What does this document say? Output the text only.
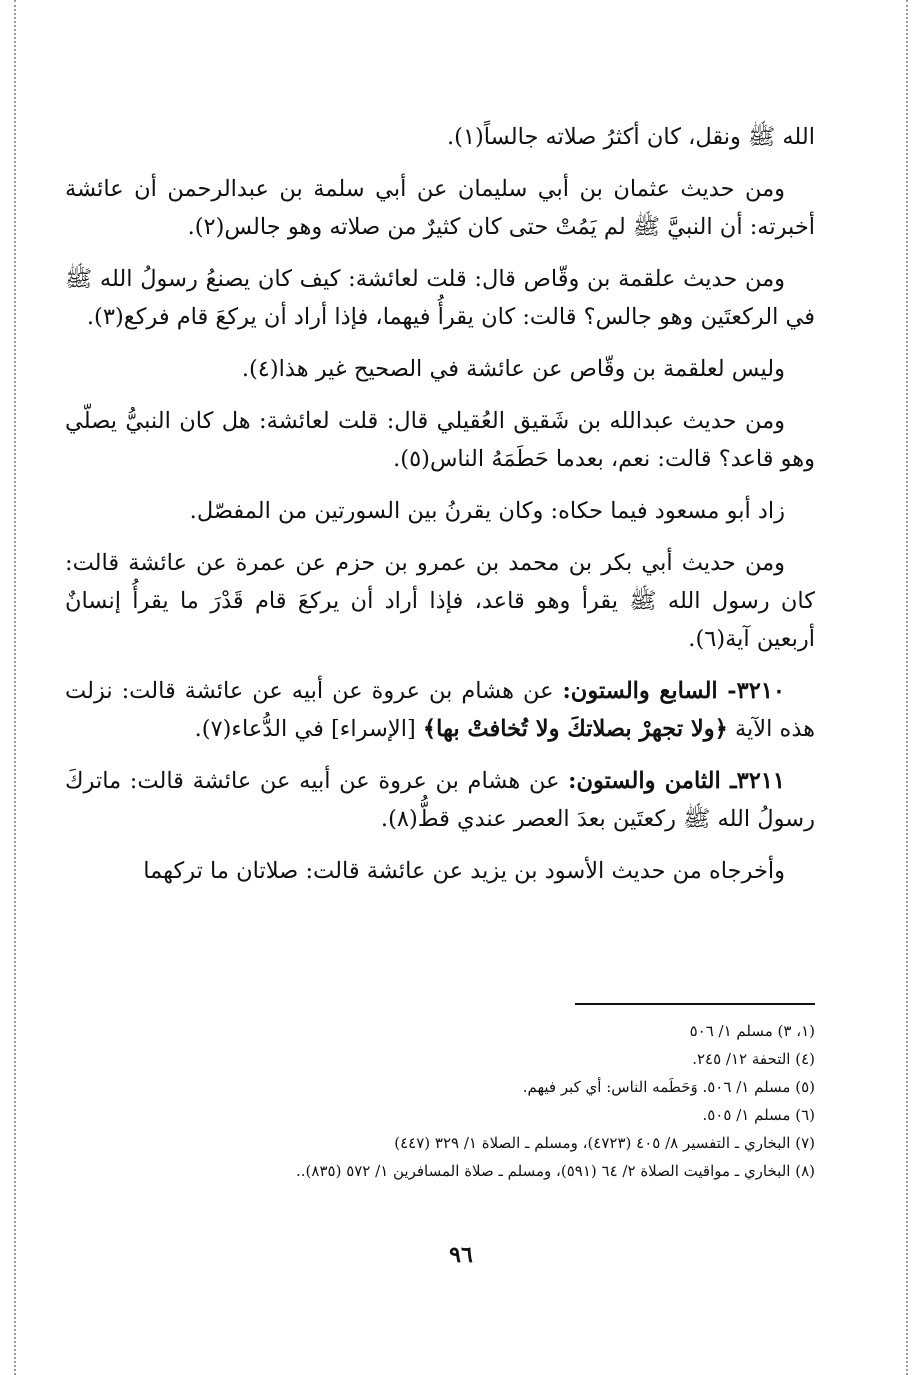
الله ﷺ ونقل، كان أكثرُ صلاته جالساً(١).

ومن حديث عثمان بن أبي سليمان عن أبي سلمة بن عبدالرحمن أن عائشة أخبرته: أن النبيَّ ﷺ لم يَمُتْ حتى كان كثيرٌ من صلاته وهو جالس(٢).

ومن حديث علقمة بن وقّاص قال: قلت لعائشة: كيف كان يصنعُ رسولُ الله ﷺ في الركعتَين وهو جالس؟ قالت: كان يقرأُ فيهما، فإذا أراد أن يركعَ قام فركع(٣).

وليس لعلقمة بن وقّاص عن عائشة في الصحيح غير هذا(٤).

ومن حديث عبدالله بن شَقيق العُقيلي قال: قلت لعائشة: هل كان النبيُّ يصلّي وهو قاعد؟ قالت: نعم، بعدما حَطَمَهُ الناس(٥).

زاد أبو مسعود فيما حكاه: وكان يقرنُ بين السورتين من المفصّل.

ومن حديث أبي بكر بن محمد بن عمرو بن حزم عن عمرة عن عائشة قالت: كان رسول الله ﷺ يقرأ وهو قاعد، فإذا أراد أن يركعَ قام قَدْرَ ما يقرأُ إنسانٌ أربعين آية(٦).

٣٢١٠- السابع والستون: عن هشام بن عروة عن أبيه عن عائشة قالت: نزلت هذه الآية ﴿ولا تجهرْ بصلاتكَ ولا تُخافتْ بها﴾ [الإسراء] في الدُّعاء(٧).

٣٢١١ـ الثامن والستون: عن هشام بن عروة عن أبيه عن عائشة قالت: ماتركَ رسولُ الله ﷺ ركعتَين بعدَ العصر عندي قطُّ(٨).

وأخرجاه من حديث الأسود بن يزيد عن عائشة قالت: صلاتان ما تركهما

(١، ٣) مسلم ١/ ٥٠٦

(٤) التحفة ١٢/ ٢٤٥.

(٥) مسلم ١/ ٥٠٦. وَحَطَمه الناس: أي كبر فيهم.

(٦) مسلم ١/ ٥٠٥.

(٧) البخاري ـ التفسير ٨/ ٤٠٥ (٤٧٢٣)، ومسلم ـ الصلاة ١/ ٣٢٩ (٤٤٧)

(٨) البخاري ـ مواقيت الصلاة ٢/ ٦٤ (٥٩١)، ومسلم ـ صلاة المسافرين ١/ ٥٧٢ (٨٣٥)..

٩٦
